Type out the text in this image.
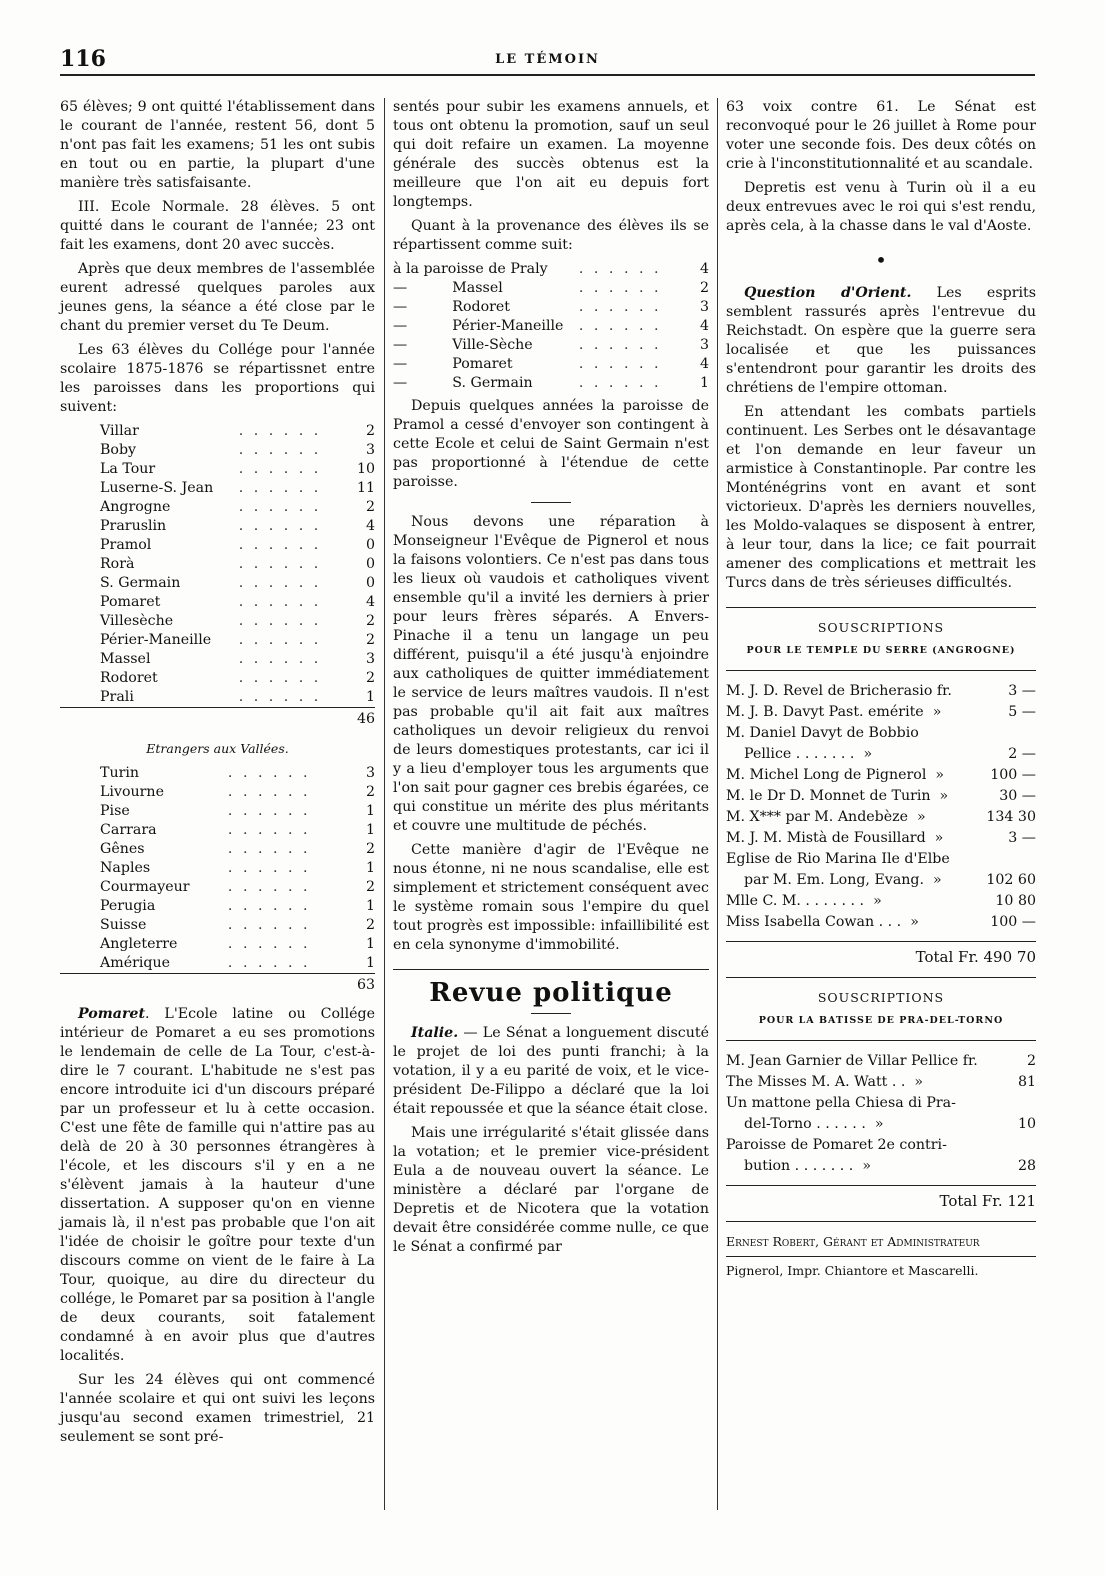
116	LE TÉMOIN

65 élèves; 9 ont quitté l'établissement dans le courant de l'année, restent 56, dont 5 n'ont pas fait les examens; 51 les ont subis en tout ou en partie, la plupart d'une manière très satisfaisante.

III. Ecole Normale. 28 élèves. 5 ont quitté dans le courant de l'année; 23 ont fait les examens, dont 20 avec succès.

Après que deux membres de l'assemblée eurent adressé quelques paroles aux jeunes gens, la séance a été close par le chant du premier verset du Te Deum.

Les 63 élèves du Collége pour l'année scolaire 1875-1876 se répartissnet entre les paroisses dans les proportions qui suivent:

Villar	. . . . . .	2
Boby	. . . . . .	3
La Tour	. . . . . .	10
Luserne-S. Jean	. . . . . .	11
Angrogne	. . . . . .	2
Praruslin	. . . . . .	4
Pramol	. . . . . .	0
Rorà	. . . . . .	0
S. Germain	. . . . . .	0
Pomaret	. . . . . .	4
Villesèche	. . . . . .	2
Périer-Maneille	. . . . . .	2
Massel	. . . . . .	3
Rodoret	. . . . . .	2
Prali	. . . . . .	1
		46
Etrangers aux Vallées.
Turin	. . . . . .	3
Livourne	. . . . . .	2
Pise	. . . . . .	1
Carrara	. . . . . .	1
Gênes	. . . . . .	2
Naples	. . . . . .	1
Courmayeur	. . . . . .	2
Perugia	. . . . . .	1
Suisse	. . . . . .	2
Angleterre	. . . . . .	1
Amérique	. . . . . .	1
		63

Pomaret. L'Ecole latine ou Collége intérieur de Pomaret a eu ses promotions le lendemain de celle de La Tour, c'est-à-dire le 7 courant. L'habitude ne s'est pas encore introduite ici d'un discours préparé par un professeur et lu à cette occasion. C'est une fête de famille qui n'attire pas au delà de 20 à 30 personnes étrangères à l'école, et les discours s'il y en a ne s'élèvent jamais à la hauteur d'une dissertation. A supposer qu'on en vienne jamais là, il n'est pas probable que l'on ait l'idée de choisir le goître pour texte d'un discours comme on vient de le faire à La Tour, quoique, au dire du directeur du collége, le Pomaret par sa position à l'angle de deux courants, soit fatalement condamné à en avoir plus que d'autres localités.

Sur les 24 élèves qui ont commencé l'année scolaire et qui ont suivi les leçons jusqu'au second examen trimestriel, 21 seulement se sont pré-

sentés pour subir les examens annuels, et tous ont obtenu la promotion, sauf un seul qui doit refaire un examen. La moyenne générale des succès obtenus est la meilleure que l'on ait eu depuis fort longtemps.

Quant à la provenance des élèves ils se répartissent comme suit:

à la paroisse de Praly	. . . . . .	4
—          Massel	. . . . . .	2
—          Rodoret	. . . . . .	3
—          Périer-Maneille	. . . . . .	4
—          Ville-Sèche	. . . . . .	3
—          Pomaret	. . . . . .	4
—          S. Germain	. . . . . .	1

Depuis quelques années la paroisse de Pramol a cessé d'envoyer son contingent à cette Ecole et celui de Saint Germain n'est pas proportionné à l'étendue de cette paroisse.

Nous devons une réparation à Monseigneur l'Evêque de Pignerol et nous la faisons volontiers. Ce n'est pas dans tous les lieux où vaudois et catholiques vivent ensemble qu'il a invité les derniers à prier pour leurs frères séparés. A Envers-Pinache il a tenu un langage un peu différent, puisqu'il a été jusqu'à enjoindre aux catholiques de quitter immédiatement le service de leurs maîtres vaudois. Il n'est pas probable qu'il ait fait aux maîtres catholiques un devoir religieux du renvoi de leurs domestiques protestants, car ici il y a lieu d'employer tous les arguments que l'on sait pour gagner ces brebis égarées, ce qui constitue un mérite des plus méritants et couvre une multitude de péchés.

Cette manière d'agir de l'Evêque ne nous étonne, ni ne nous scandalise, elle est simplement et strictement conséquent avec le système romain sous l'empire du quel tout progrès est impossible: infaillibilité est en cela synonyme d'immobilité.

Revue politique

Italie. — Le Sénat a longuement discuté le projet de loi des punti franchi; à la votation, il y a eu parité de voix, et le vice-président De-Filippo a déclaré que la loi était repoussée et que la séance était close.

Mais une irrégularité s'était glissée dans la votation; et le premier vice-président Eula a de nouveau ouvert la séance. Le ministère a déclaré par l'organe de Depretis et de Nicotera que la votation devait être considérée comme nulle, ce que le Sénat a confirmé par

63 voix contre 61. Le Sénat est reconvoqué pour le 26 juillet à Rome pour voter une seconde fois. Des deux côtés on crie à l'inconstitutionnalité et au scandale.

Depretis est venu à Turin où il a eu deux entrevues avec le roi qui s'est rendu, après cela, à la chasse dans le val d'Aoste.

•

Question d'Orient. Les esprits semblent rassurés après l'entrevue du Reichstadt. On espère que la guerre sera localisée et que les puissances s'entendront pour garantir les droits des chrétiens de l'empire ottoman.

En attendant les combats partiels continuent. Les Serbes ont le désavantage et l'on demande en leur faveur un armistice à Constantinople. Par contre les Monténégrins vont en avant et sont victorieux. D'après les derniers nouvelles, les Moldo-valaques se disposent à entrer, à leur tour, dans la lice; ce fait pourrait amener des complications et mettrait les Turcs dans de très sérieuses difficultés.

SOUSCRIPTIONS
POUR LE TEMPLE DU SERRE (ANGROGNE)
M. J. D. Revel de Bricherasio fr.	3 —
M. J. B. Davyt Past. emérite  »	5 —
M. Daniel Davyt de Bobbio
Pellice . . . . . . .  »	2 —
M. Michel Long de Pignerol  »	100 —
M. le Dr D. Monnet de Turin  »	30 —
M. X*** par M. Andebèze  »	134 30
M. J. M. Mistà de Fousillard  »	3 —
Eglise de Rio Marina Ile d'Elbe
par M. Em. Long, Evang.  »	102 60
Mlle C. M. . . . . . . .  »	10 80
Miss Isabella Cowan . . .  »	100 —
Total Fr. 490 70
SOUSCRIPTIONS
POUR LA BATISSE DE PRA-DEL-TORNO
M. Jean Garnier de Villar Pellice fr.	2
The Misses M. A. Watt . .  »	81
Un mattone pella Chiesa di Pra-
del-Torno . . . . . .  »	10
Paroisse de Pomaret 2e contri-
bution . . . . . . .  »	28
Total Fr. 121
Ernest Robert, Gérant et Administrateur
Pignerol, Impr. Chiantore et Mascarelli.
